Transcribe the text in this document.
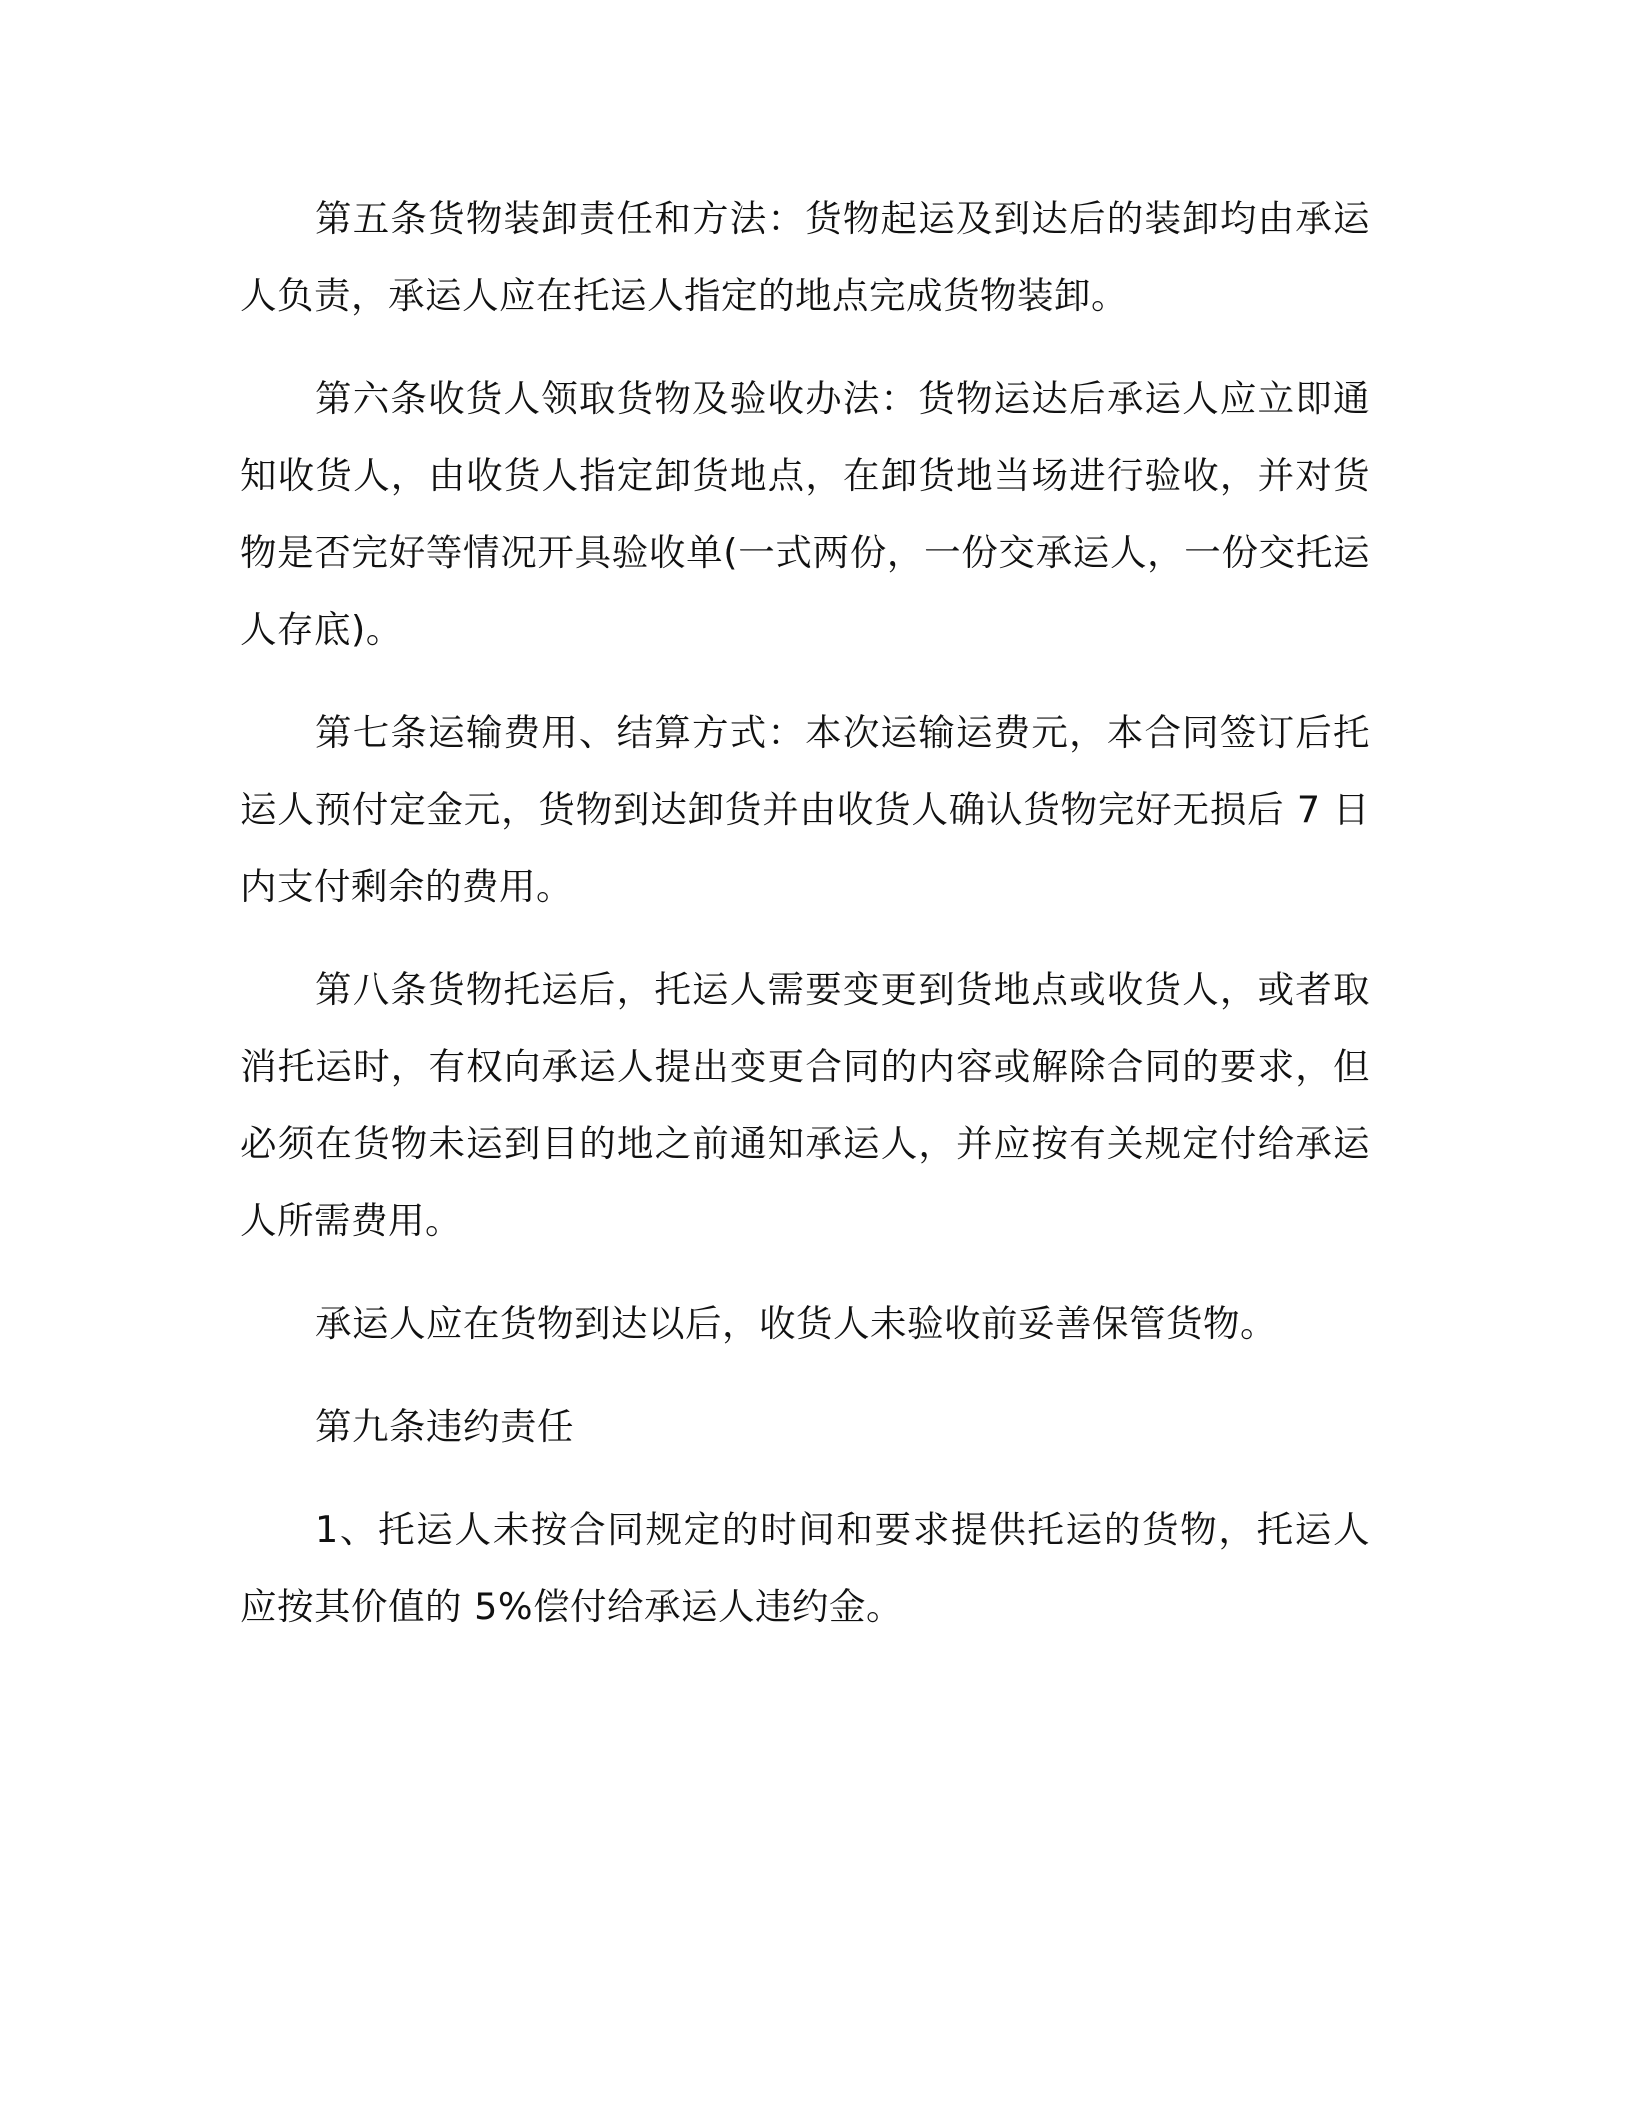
第五条货物装卸责任和方法：货物起运及到达后的装卸均由承运人负责，承运人应在托运人指定的地点完成货物装卸。

第六条收货人领取货物及验收办法：货物运达后承运人应立即通知收货人，由收货人指定卸货地点，在卸货地当场进行验收，并对货物是否完好等情况开具验收单(一式两份，一份交承运人，一份交托运人存底)。

第七条运输费用、结算方式：本次运输运费元，本合同签订后托运人预付定金元，货物到达卸货并由收货人确认货物完好无损后 7 日内支付剩余的费用。

第八条货物托运后，托运人需要变更到货地点或收货人，或者取消托运时，有权向承运人提出变更合同的内容或解除合同的要求，但必须在货物未运到目的地之前通知承运人，并应按有关规定付给承运人所需费用。

承运人应在货物到达以后，收货人未验收前妥善保管货物。

第九条违约责任

1、托运人未按合同规定的时间和要求提供托运的货物，托运人应按其价值的 5%偿付给承运人违约金。
